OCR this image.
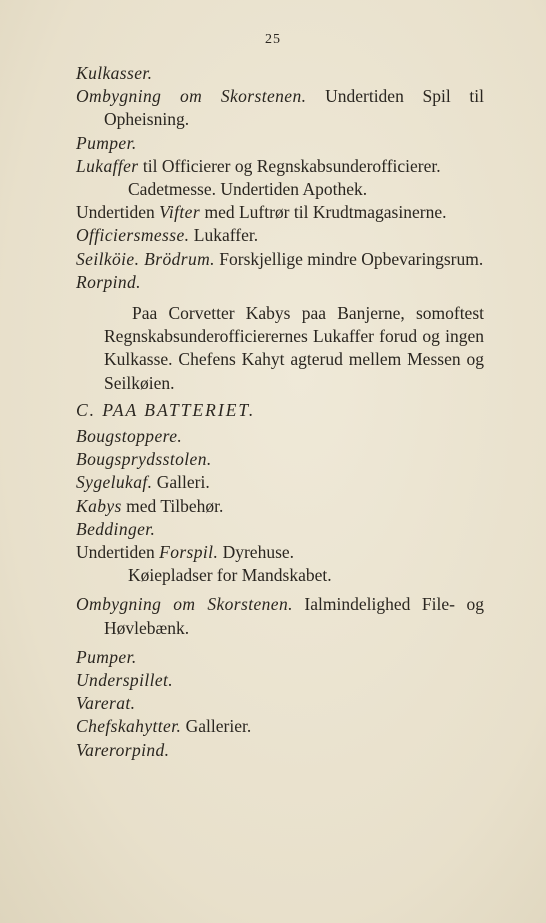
25

Kulkasser.

Ombygning om Skorstenen. Undertiden Spil til Opheisning.

Pumper.

Lukaffer til Officierer og Regnskabsunderofficierer.

Cadetmesse. Undertiden Apothek.

Undertiden Vifter med Luftrør til Krudtmagasinerne.

Officiersmesse. Lukaffer.

Seilköie. Brödrum. Forskjellige mindre Opbevaringsrum.

Rorpind.

Paa Corvetter Kabys paa Banjerne, somoftest Regnskabsunderofficierernes Lukaffer forud og ingen Kulkasse. Chefens Kahyt agterud mellem Messen og Seilkøien.

C. PAA BATTERIET.

Bougstoppere.

Bougsprydsstolen.

Sygelukaf. Galleri.

Kabys med Tilbehør.

Beddinger.

Undertiden Forspil. Dyrehuse.

Køiepladser for Mandskabet.

Ombygning om Skorstenen. Ialmindelighed File- og Høvlebænk.

Pumper.

Underspillet.

Varerat.

Chefskahytter. Gallerier.

Varerorpind.
